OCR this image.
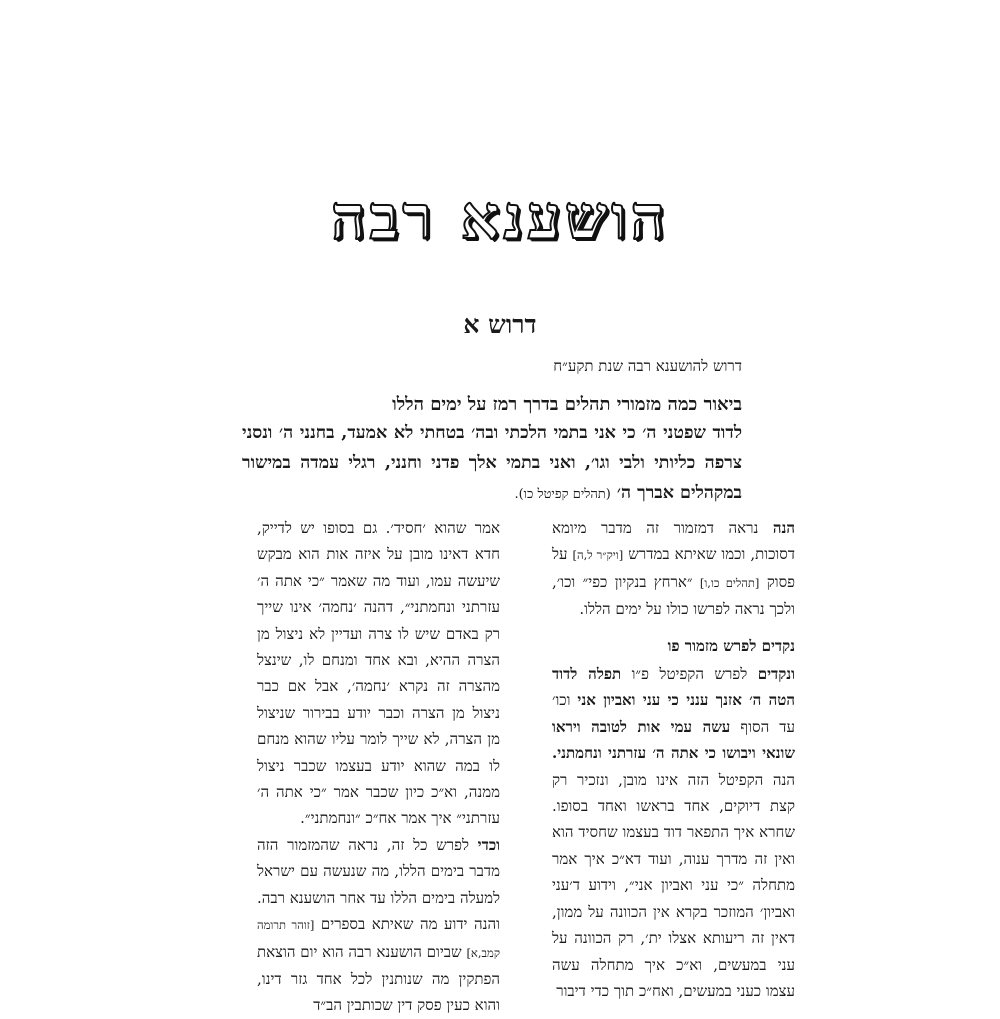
הושענא רבה
דרוש א
דרוש להושענא רבה שנת תקע״ח
ביאור כמה מזמורי תהלים בדרך רמז על ימים הללו
לדוד שפטני ה׳ כי אני בתמי הלכתי ובה׳ בטחתי לא אמעד, בחנני ה׳ ונסני צרפה כליותי ולבי וגו׳, ואני בתמי אלך פדני וחנני, רגלי עמדה במישור במקהלים אברך ה׳ (תהלים קפיטל כו).

הנה נראה דמזמור זה מדבר מיומא דסוכות, וכמו שאיתא במדרש [ויק״ר ל,ה] על פסוק [תהלים כו,ו] ״ארחץ בנקיון כפי״ וכו׳, ולכך נראה לפרשו כולו על ימים הללו.

נקדים לפרש מזמור פו

ונקדים לפרש הקפיטל פ״ו תפלה לדוד הטה ה׳ אזנך ענני כי עני ואביון אני וכו׳ עד הסוף עשה עמי אות לטובה ויראו שונאי ויבושו כי אתה ה׳ עזרתני ונחמתני. הנה הקפיטל הזה אינו מובן, ונזכיר רק קצת דיוקים, אחד בראשו ואחד בסופו. שחרא איך התפאר דוד בעצמו שחסיד הוא ואין זה מדרך ענוה, ועוד דא״כ איך אמר מתחלה ״כי עני ואביון אני״, וידוע ד׳עני ואביון׳ המוזכר בקרא אין הכוונה על ממון, דאין זה ריעותא אצלו ית׳, רק הכוונה על עני במעשים, וא״כ איך מתחלה עשה עצמו כעני במעשים, ואח״כ תוך כדי דיבור

אמר שהוא ׳חסיד׳. גם בסופו יש לדייק, חדא דאינו מובן על איזה אות הוא מבקש שיעשה עמו, ועוד מה שאמר ״כי אתה ה׳ עזרתני ונחמתני״, דהנה ׳נחמה׳ אינו שייך רק באדם שיש לו צרה ועדיין לא ניצול מן הצרה ההיא, ובא אחד ומנחם לו, שינצל מהצרה זה נקרא ׳נחמה׳, אבל אם כבר ניצול מן הצרה וכבר יודע בבירור שניצול מן הצרה, לא שייך לומר עליו שהוא מנחם לו במה שהוא יודע בעצמו שכבר ניצול ממנה, וא״כ כיון שכבר אמר ״כי אתה ה׳ עזרתני״ איך אמר אח״כ ״ונחמתני״.

וכדי לפרש כל זה, נראה שהמזמור הזה מדבר בימים הללו, מה שנעשה עם ישראל למעלה בימים הללו עד אחר הושענא רבה. והנה ידוע מה שאיתא בספרים [זוהר תרומה קמב,א] שביום הושענא רבה הוא יום הוצאת הפתקין מה שנותנין לכל אחד גזר דינו, והוא כעין פסק דין שכותבין הב״ד
